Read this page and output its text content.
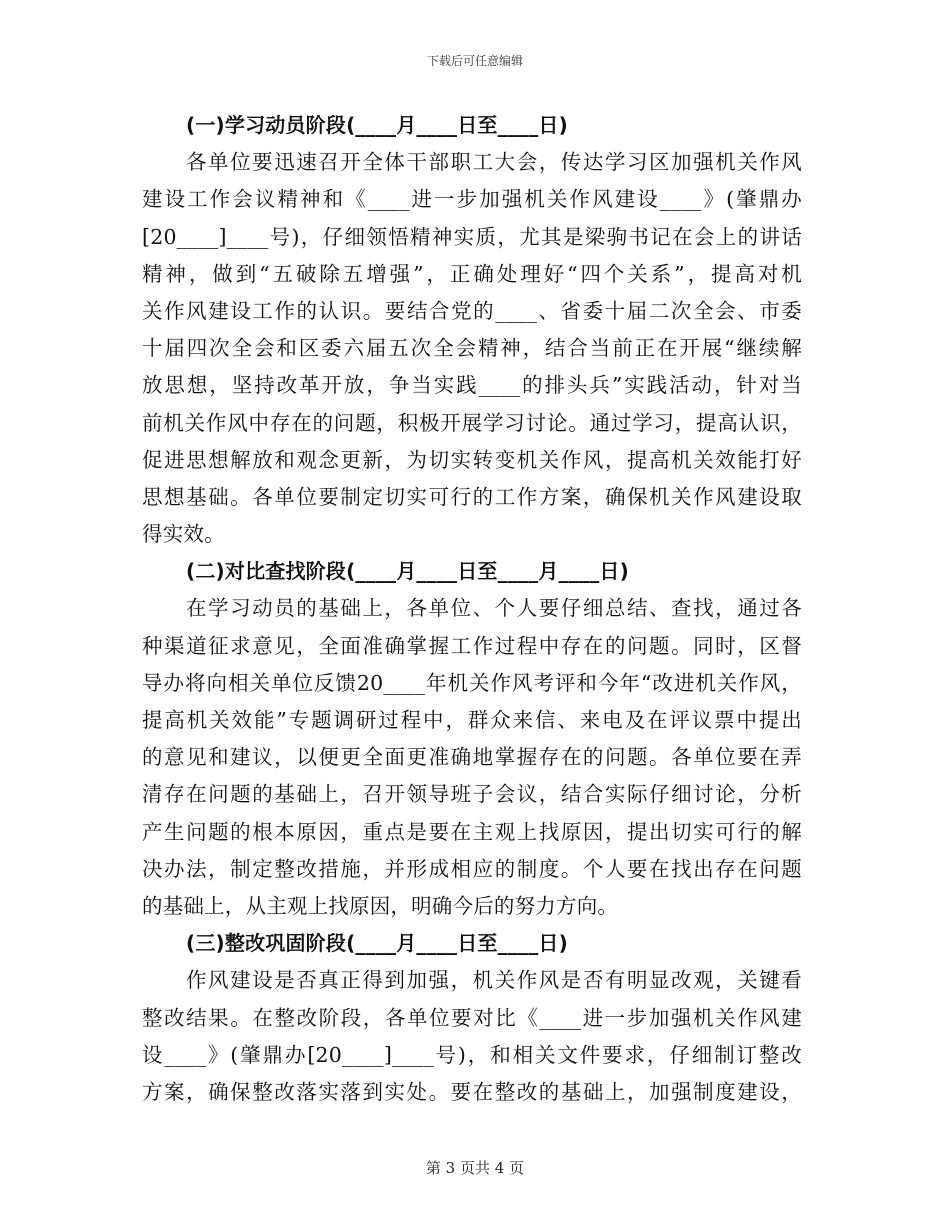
下载后可任意编辑
(一)学习动员阶段(____月____日至____日)
各单位要迅速召开全体干部职工大会，传达学习区加强机关作风
建设工作会议精神和《____进一步加强机关作风建设____》(肇鼎办
[20____]____号)，仔细领悟精神实质，尤其是梁驹书记在会上的讲话
精神，做到“五破除五增强”，正确处理好“四个关系”，提高对机
关作风建设工作的认识。要结合党的____、省委十届二次全会、市委
十届四次全会和区委六届五次全会精神，结合当前正在开展“继续解
放思想，坚持改革开放，争当实践____的排头兵”实践活动，针对当
前机关作风中存在的问题，积极开展学习讨论。通过学习，提高认识，
促进思想解放和观念更新，为切实转变机关作风，提高机关效能打好
思想基础。各单位要制定切实可行的工作方案，确保机关作风建设取
得实效。
(二)对比查找阶段(____月____日至____月____日)
在学习动员的基础上，各单位、个人要仔细总结、查找，通过各
种渠道征求意见，全面准确掌握工作过程中存在的问题。同时，区督
导办将向相关单位反馈20____年机关作风考评和今年“改进机关作风，
提高机关效能”专题调研过程中，群众来信、来电及在评议票中提出
的意见和建议，以便更全面更准确地掌握存在的问题。各单位要在弄
清存在问题的基础上，召开领导班子会议，结合实际仔细讨论，分析
产生问题的根本原因，重点是要在主观上找原因，提出切实可行的解
决办法，制定整改措施，并形成相应的制度。个人要在找出存在问题
的基础上，从主观上找原因，明确今后的努力方向。
(三)整改巩固阶段(____月____日至____日)
作风建设是否真正得到加强，机关作风是否有明显改观，关键看
整改结果。在整改阶段，各单位要对比《____进一步加强机关作风建
设____》(肇鼎办[20____]____号)，和相关文件要求，仔细制订整改
方案，确保整改落实落到实处。要在整改的基础上，加强制度建设，
第 3 页共 4 页
